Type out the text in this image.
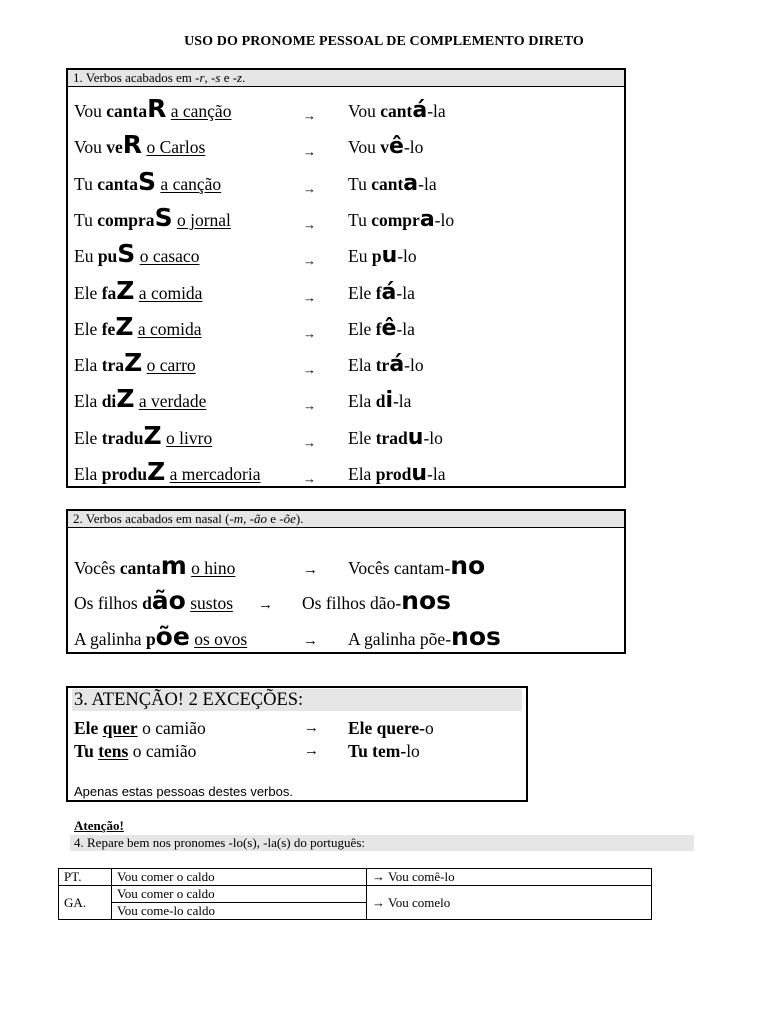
USO DO PRONOME PESSOAL DE COMPLEMENTO DIRETO
1. Verbos acabados em -r, -s e -z.
Vou cantaR a canção	→ Vou cantá-la
Vou veR o Carlos	→ Vou vê-lo
Tu cantaS a canção	→ Tu canta-la
Tu compraS o jornal	→ Tu compra-lo
Eu puS o casaco	→ Eu pu-lo
Ele faZ a comida	→ Ele fá-la
Ele feZ a comida	→ Ele fê-la
Ela traZ o carro	→ Ela trá-lo
Ela diZ a verdade	→ Ela di-la
Ele traduZ o livro	→ Ele tradu-lo
Ela produZ a mercadoria	→ Ela produ-la
2. Verbos acabados em nasal (-m, -ão e -õe).
Vocês cantam o hino	→ Vocês cantam-no
Os filhos dão sustos → Os filhos dão-nos
A galinha põe os ovos	→ A galinha põe-nos
3. ATENÇÃO! 2 EXCEÇÕES:
Ele quer o camião	→ Ele quere-o
Tu tens o camião	→ Tu tem-lo
Apenas estas pessoas destes verbos.
Atenção!
4. Repare bem nos pronomes -lo(s), -la(s) do português:
PT.	Vou comer o caldo	→ Vou comê-lo
GA.	Vou comer o caldo	→ Vou comelo
	Vou come-lo caldo	
